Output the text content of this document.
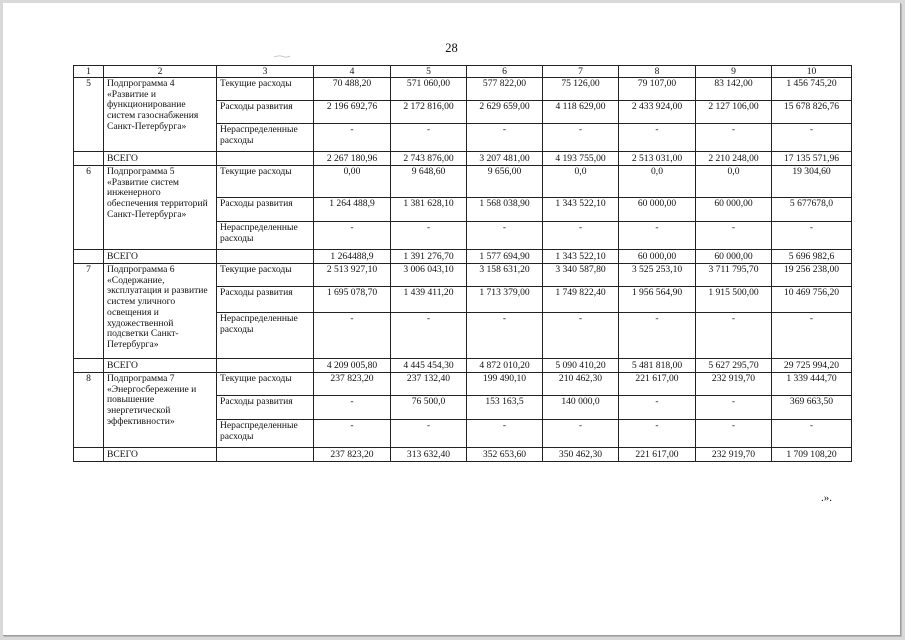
28
1	2	3	4	5	6	7	8	9	10
5	Подпрограмма 4 «Развитие и функционирование систем газоснабжения Санкт-Петербурга»	Текущие расходы	70 488,20	571 060,00	577 822,00	75 126,00	79 107,00	83 142,00	1 456 745,20
		Расходы развития	2 196 692,76	2 172 816,00	2 629 659,00	4 118 629,00	2 433 924,00	2 127 106,00	15 678 826,76
		Нераспределенные расходы	-	-	-	-	-	-	-
	ВСЕГО		2 267 180,96	2 743 876,00	3 207 481,00	4 193 755,00	2 513 031,00	2 210 248,00	17 135 571,96
6	Подпрограмма 5 «Развитие систем инженерного обеспечения территорий Санкт-Петербурга»	Текущие расходы	0,00	9 648,60	9 656,00	0,0	0,0	0,0	19 304,60
		Расходы развития	1 264 488,9	1 381 628,10	1 568 038,90	1 343 522,10	60 000,00	60 000,00	5 677678,0
		Нераспределенные расходы	-	-	-	-	-	-	-
	ВСЕГО		1 264488,9	1 391 276,70	1 577 694,90	1 343 522,10	60 000,00	60 000,00	5 696 982,6
7	Подпрограмма 6 «Содержание, эксплуатация и развитие систем уличного освещения и художественной подсветки Санкт-Петербурга»	Текущие расходы	2 513 927,10	3 006 043,10	3 158 631,20	3 340 587,80	3 525 253,10	3 711 795,70	19 256 238,00
		Расходы развития	1 695 078,70	1 439 411,20	1 713 379,00	1 749 822,40	1 956 564,90	1 915 500,00	10 469 756,20
		Нераспределенные расходы	-	-	-	-	-	-	-
	ВСЕГО		4 209 005,80	4 445 454,30	4 872 010,20	5 090 410,20	5 481 818,00	5 627 295,70	29 725 994,20
8	Подпрограмма 7 «Энергосбережение и повышение энергетической эффективности»	Текущие расходы	237 823,20	237 132,40	199 490,10	210 462,30	221 617,00	232 919,70	1 339 444,70
		Расходы развития	-	76 500,0	153 163,5	140 000,0	-	-	369 663,50
		Нераспределенные расходы	-	-	-	-	-	-	-
	ВСЕГО		237 823,20	313 632,40	352 653,60	350 462,30	221 617,00	232 919,70	1 709 108,20
.».
